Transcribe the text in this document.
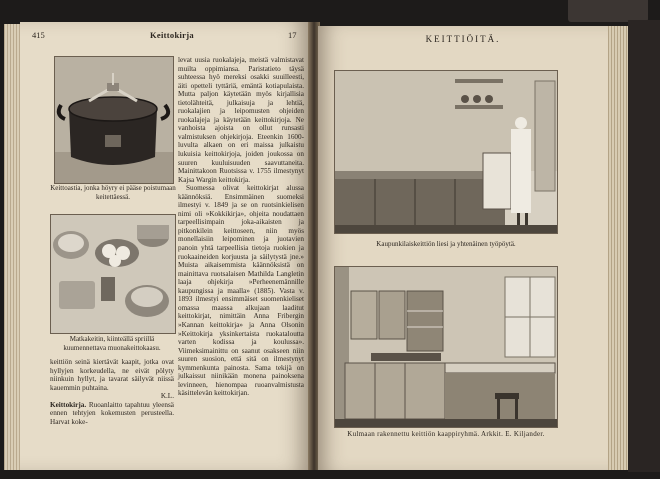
415	Keittokirja	17
Keittoastia, jonka höyry ei pääse poistumaan keitettäessä.
Matkakeitin, kiinteällä spriillä kuumennettava muonakeittokaasu.

levat uusia ruokalajeja, meistä valmistavat muilta oppimiansa. Paristatieto täysä suhteessa hyö mereksi osakki suuilleesti, äiti opetteli tyttäriä, emäntä kotiapulaista. Mutta paljon käytetään myös kirjallisia tietolähteitä, julkaisuja ja lehtiä, ruokalajien ja leipomusten ohjeiden ruokalajeja ja käytetään keittokirjoja. Ne vanhoista ajoista on ollut runsasti valmistuksen ohjekirjoja. Eteenkin 1600-luvulta alkaen on eri maissa julkaistu lukuisia keittokirjoja, joiden joukossa on suuren kuuluisuuden saavuttaneita. Mainittakoon Ruotsissa v. 1755 ilmestynyt Kajsa Wargin keittokirja.

Suomessa olivat keittokirjat alussa käännöksiä. Ensimmäinen suomeksi ilmestyi v. 1849 ja se on ruotsinkielisen nimi oli »Kokkikirja», ohjeita noudattaen tarpeellisimpain joka-aikaisten ja pitkonkilein keittoseen, niin myös monellaisiin leipominen ja juotavien panoin yhtä tarpeellisia tietoja ruokien ja ruokaaineiden korjuusta ja säilytystä jne.» Muista aikaisemmista käännöksistä on mainittava ruotsalaisen Mathilda Langletin laaja ohjekirja »Perheenemännille kaupungissa ja maalla» (1885). Vasta v. 1893 ilmestyi ensimmäiset suomenkieliset omassa maassa alkujaan laaditut keittokirjat, nimittäin Anna Fribergin »Kannan keittokirja» ja Anna Olsonin »Keittokirja yksinkertaista ruokataloutta varten kodissa ja koulussa». Viimeksimainittu on saanut osakseen niin suuren suosion, että sitä on ilmestynyt kymmenkunta painosta. Sama tekijä on julkaissut niinikään monena painoksena levinneen, hienompaa ruoanvalmistusta käsittelevän keittokirjan.

keittiön seinä kiertävät kaapit, jotka ovat hyllyjen korkeudella, ne eivät pölyty niinkuin hyllyt, ja tavarat säilyvät niissä kauemmin puhtaina.

K.L.

Keittokirja. Ruoanlaitto tapahtuu yleensä ennen tehtyjen kokemusten perusteella. Harvat koke-

KEITTIÖITÄ.
Kaupunkilaiskeittiön liesi ja yhtenäinen työpöytä.
Kulmaan rakennettu keittiön kaappiryhmä. Arkkit. E. Kiljander.
